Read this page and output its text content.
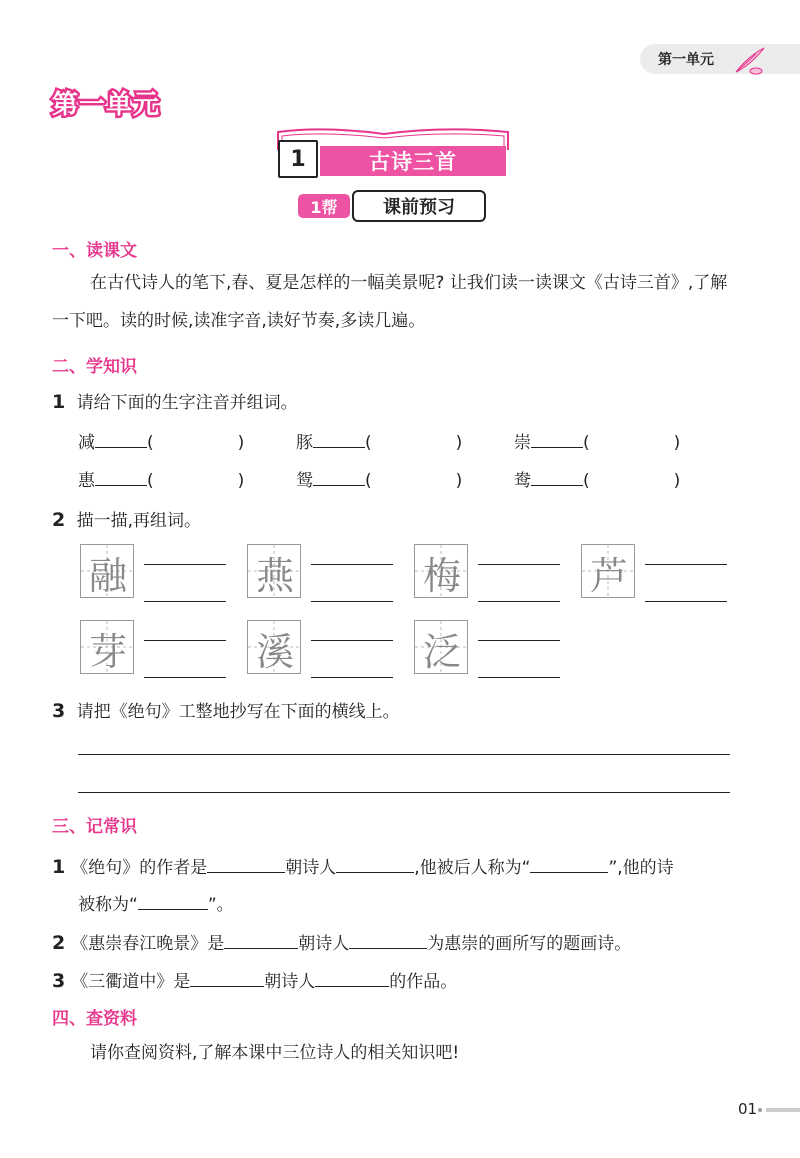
第一单元
第一单元
1	古诗三首
1帮	课前预习
一、读课文
在古代诗人的笔下,春、夏是怎样的一幅美景呢? 让我们读一读课文《古诗三首》,了解一下吧。读的时候,读准字音,读好节奏,多读几遍。
二、学知识
1 请给下面的生字注音并组词。
减	(	)	豚	(	)	崇	(	)
惠	(	)	鸳	(	)	鸯	(	)
2 描一描,再组词。
融	燕	梅	芦
芽	溪	泛
3 请把《绝句》工整地抄写在下面的横线上。
三、记常识
1 《绝句》的作者是	朝诗人	,他被后人称为“	”,他的诗
被称为“	”。
2 《惠崇春江晚景》是	朝诗人	为惠崇的画所写的题画诗。
3 《三衢道中》是	朝诗人	的作品。
四、查资料
请你查阅资料,了解本课中三位诗人的相关知识吧!
01
